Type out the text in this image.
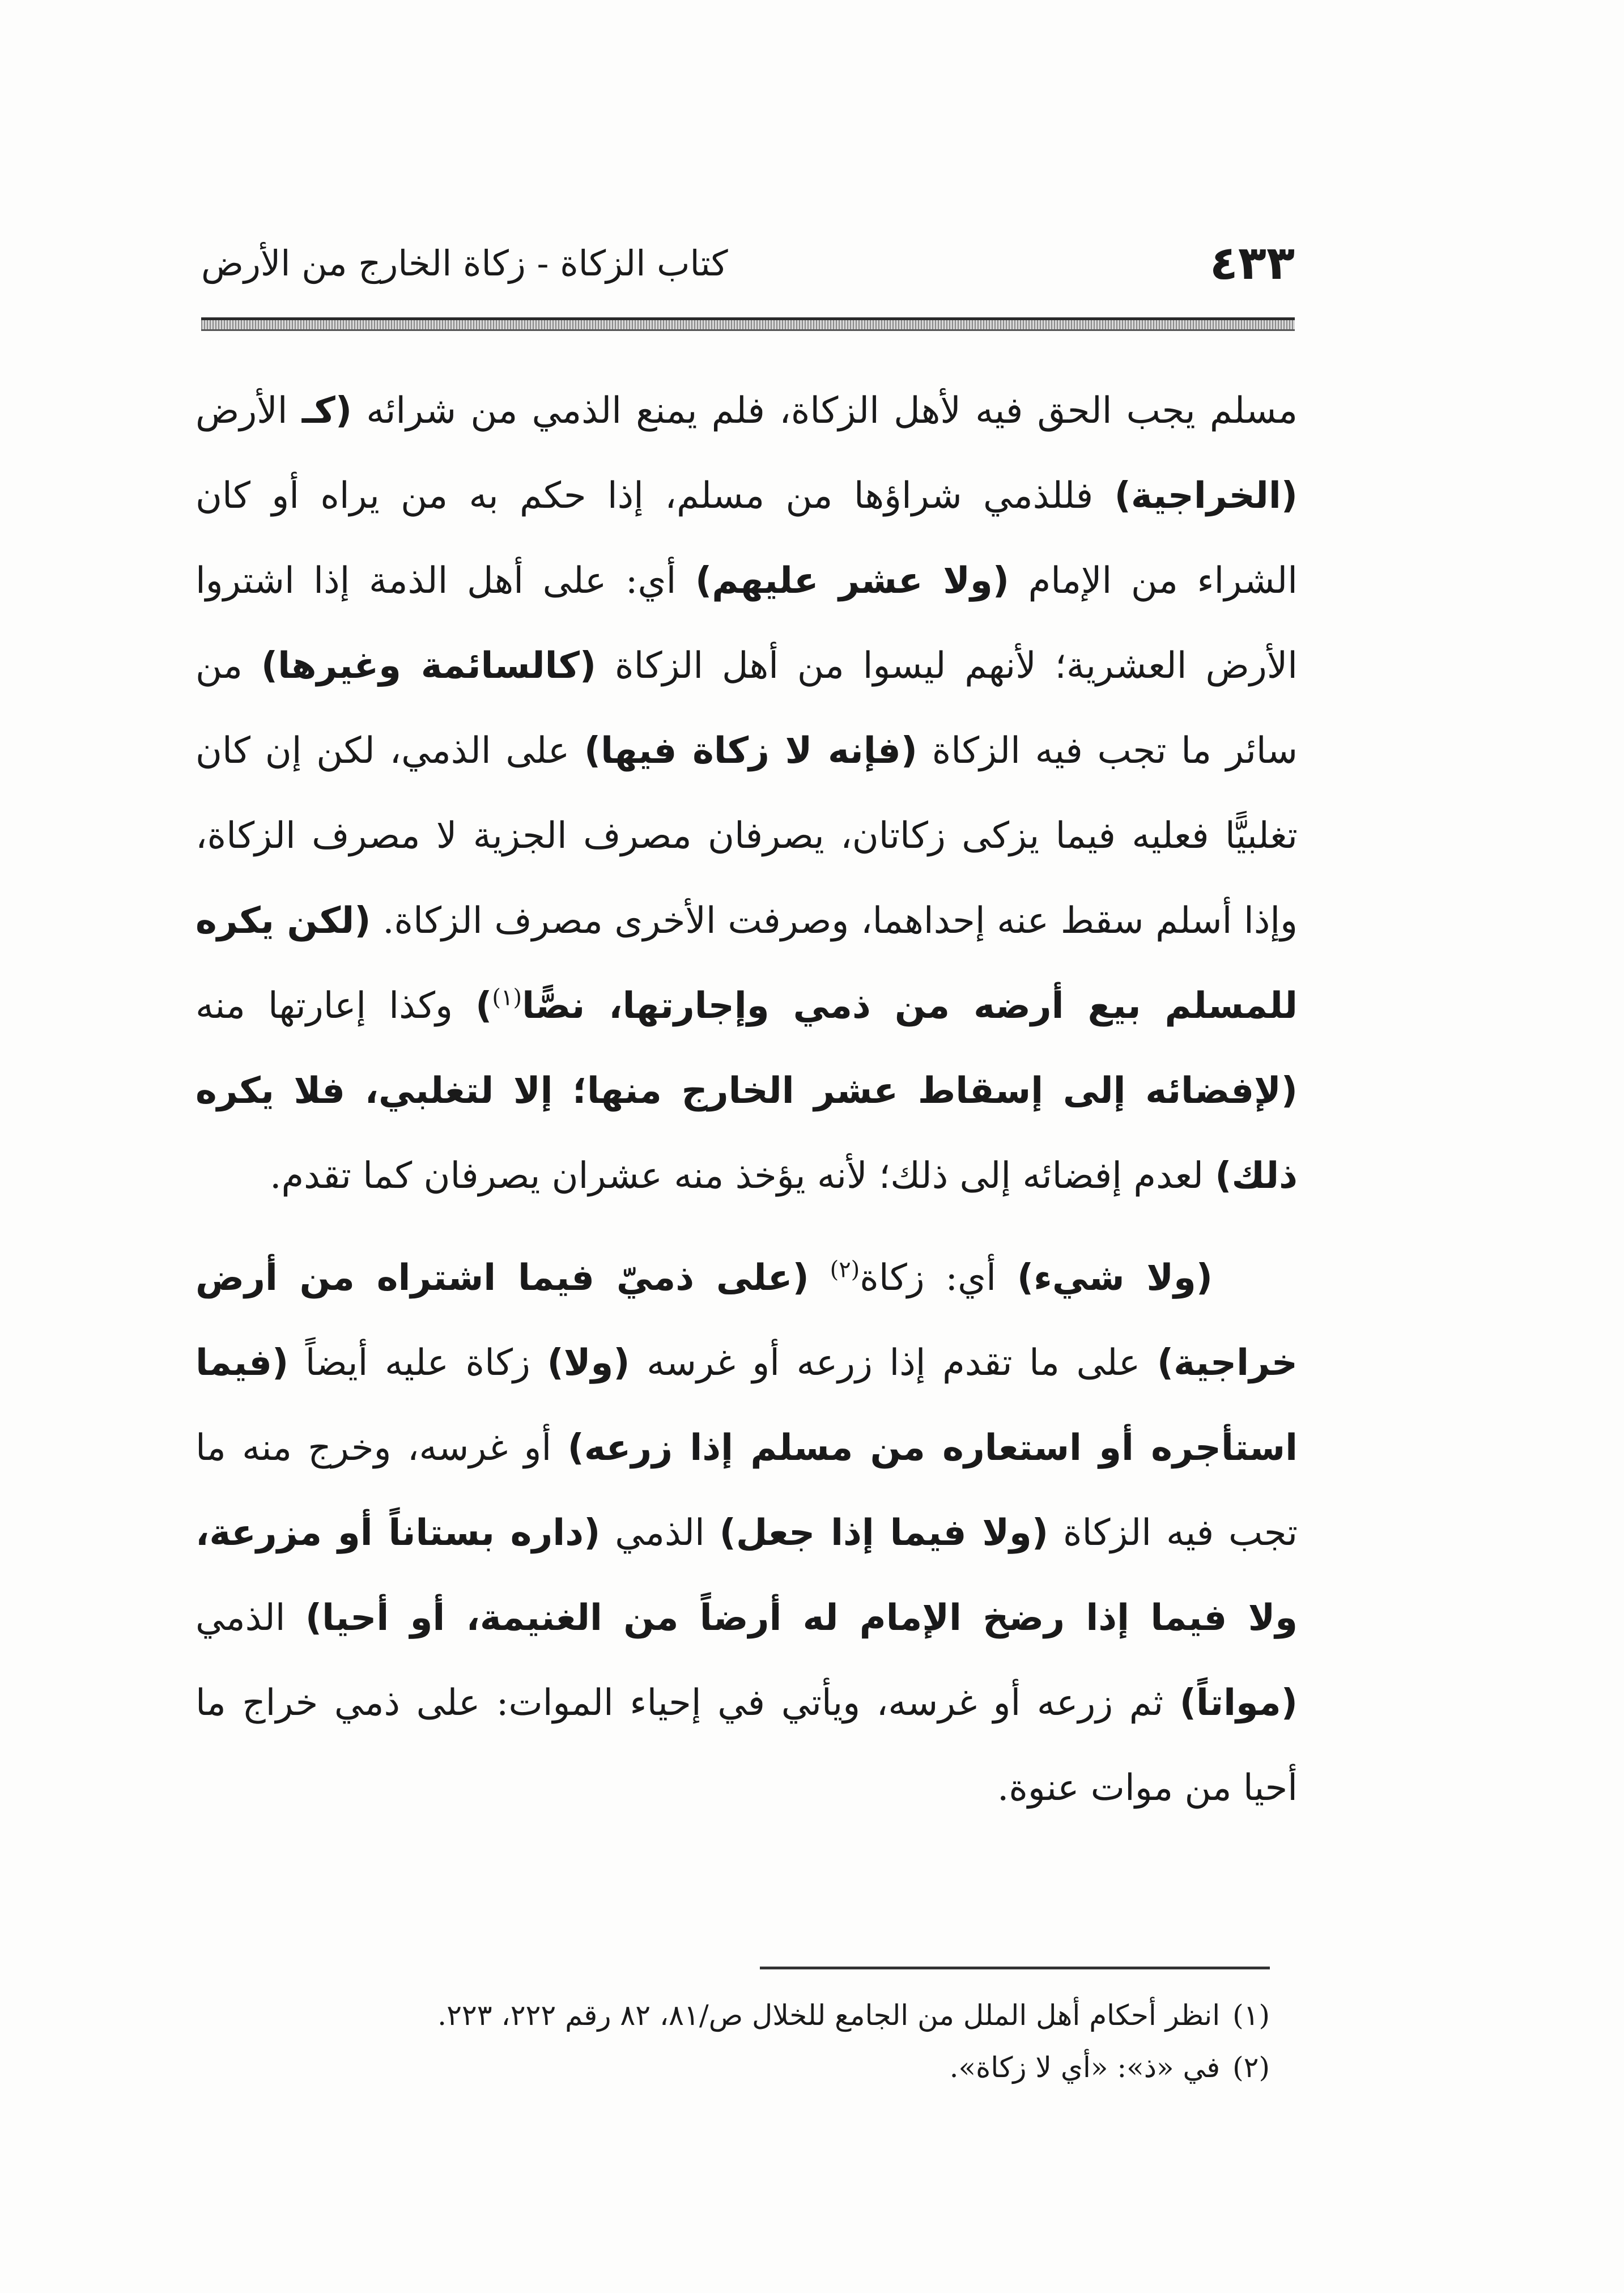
٤٣٣
كتاب الزكاة - زكاة الخارج من الأرض

مسلم يجب الحق فيه لأهل الزكاة، فلم يمنع الذمي من شرائه (كـ الأرض (الخراجية) فللذمي شراؤها من مسلم، إذا حكم به من يراه أو كان الشراء من الإمام (ولا عشر عليهم) أي: على أهل الذمة إذا اشتروا الأرض العشرية؛ لأنهم ليسوا من أهل الزكاة (كالسائمة وغيرها) من سائر ما تجب فيه الزكاة (فإنه لا زكاة فيها) على الذمي، لكن إن كان تغلبيًّا فعليه فيما يزكى زكاتان، يصرفان مصرف الجزية لا مصرف الزكاة، وإذا أسلم سقط عنه إحداهما، وصرفت الأخرى مصرف الزكاة. (لكن يكره للمسلم بيع أرضه من ذمي وإجارتها، نصًّا$^{(١)}$) وكذا إعارتها منه (لإفضائه إلى إسقاط عشر الخارج منها؛ إلا لتغلبي، فلا يكره ذلك) لعدم إفضائه إلى ذلك؛ لأنه يؤخذ منه عشران يصرفان كما تقدم.

(ولا شيء) أي: زكاة$^{(٢)}$ (على ذميّ فيما اشتراه من أرض خراجية) على ما تقدم إذا زرعه أو غرسه (ولا) زكاة عليه أيضاً (فيما استأجره أو استعاره من مسلم إذا زرعه) أو غرسه، وخرج منه ما تجب فيه الزكاة (ولا فيما إذا جعل) الذمي (داره بستاناً أو مزرعة، ولا فيما إذا رضخ الإمام له أرضاً من الغنيمة، أو أحيا) الذمي (مواتاً) ثم زرعه أو غرسه، ويأتي في إحياء الموات: على ذمي خراج ما أحيا من موات عنوة.

(١)انظر أحكام أهل الملل من الجامع للخلال ص/٨١، ٨٢ رقم ٢٢٢، ٢٢٣.
(٢)في «ذ»: «أي لا زكاة».
